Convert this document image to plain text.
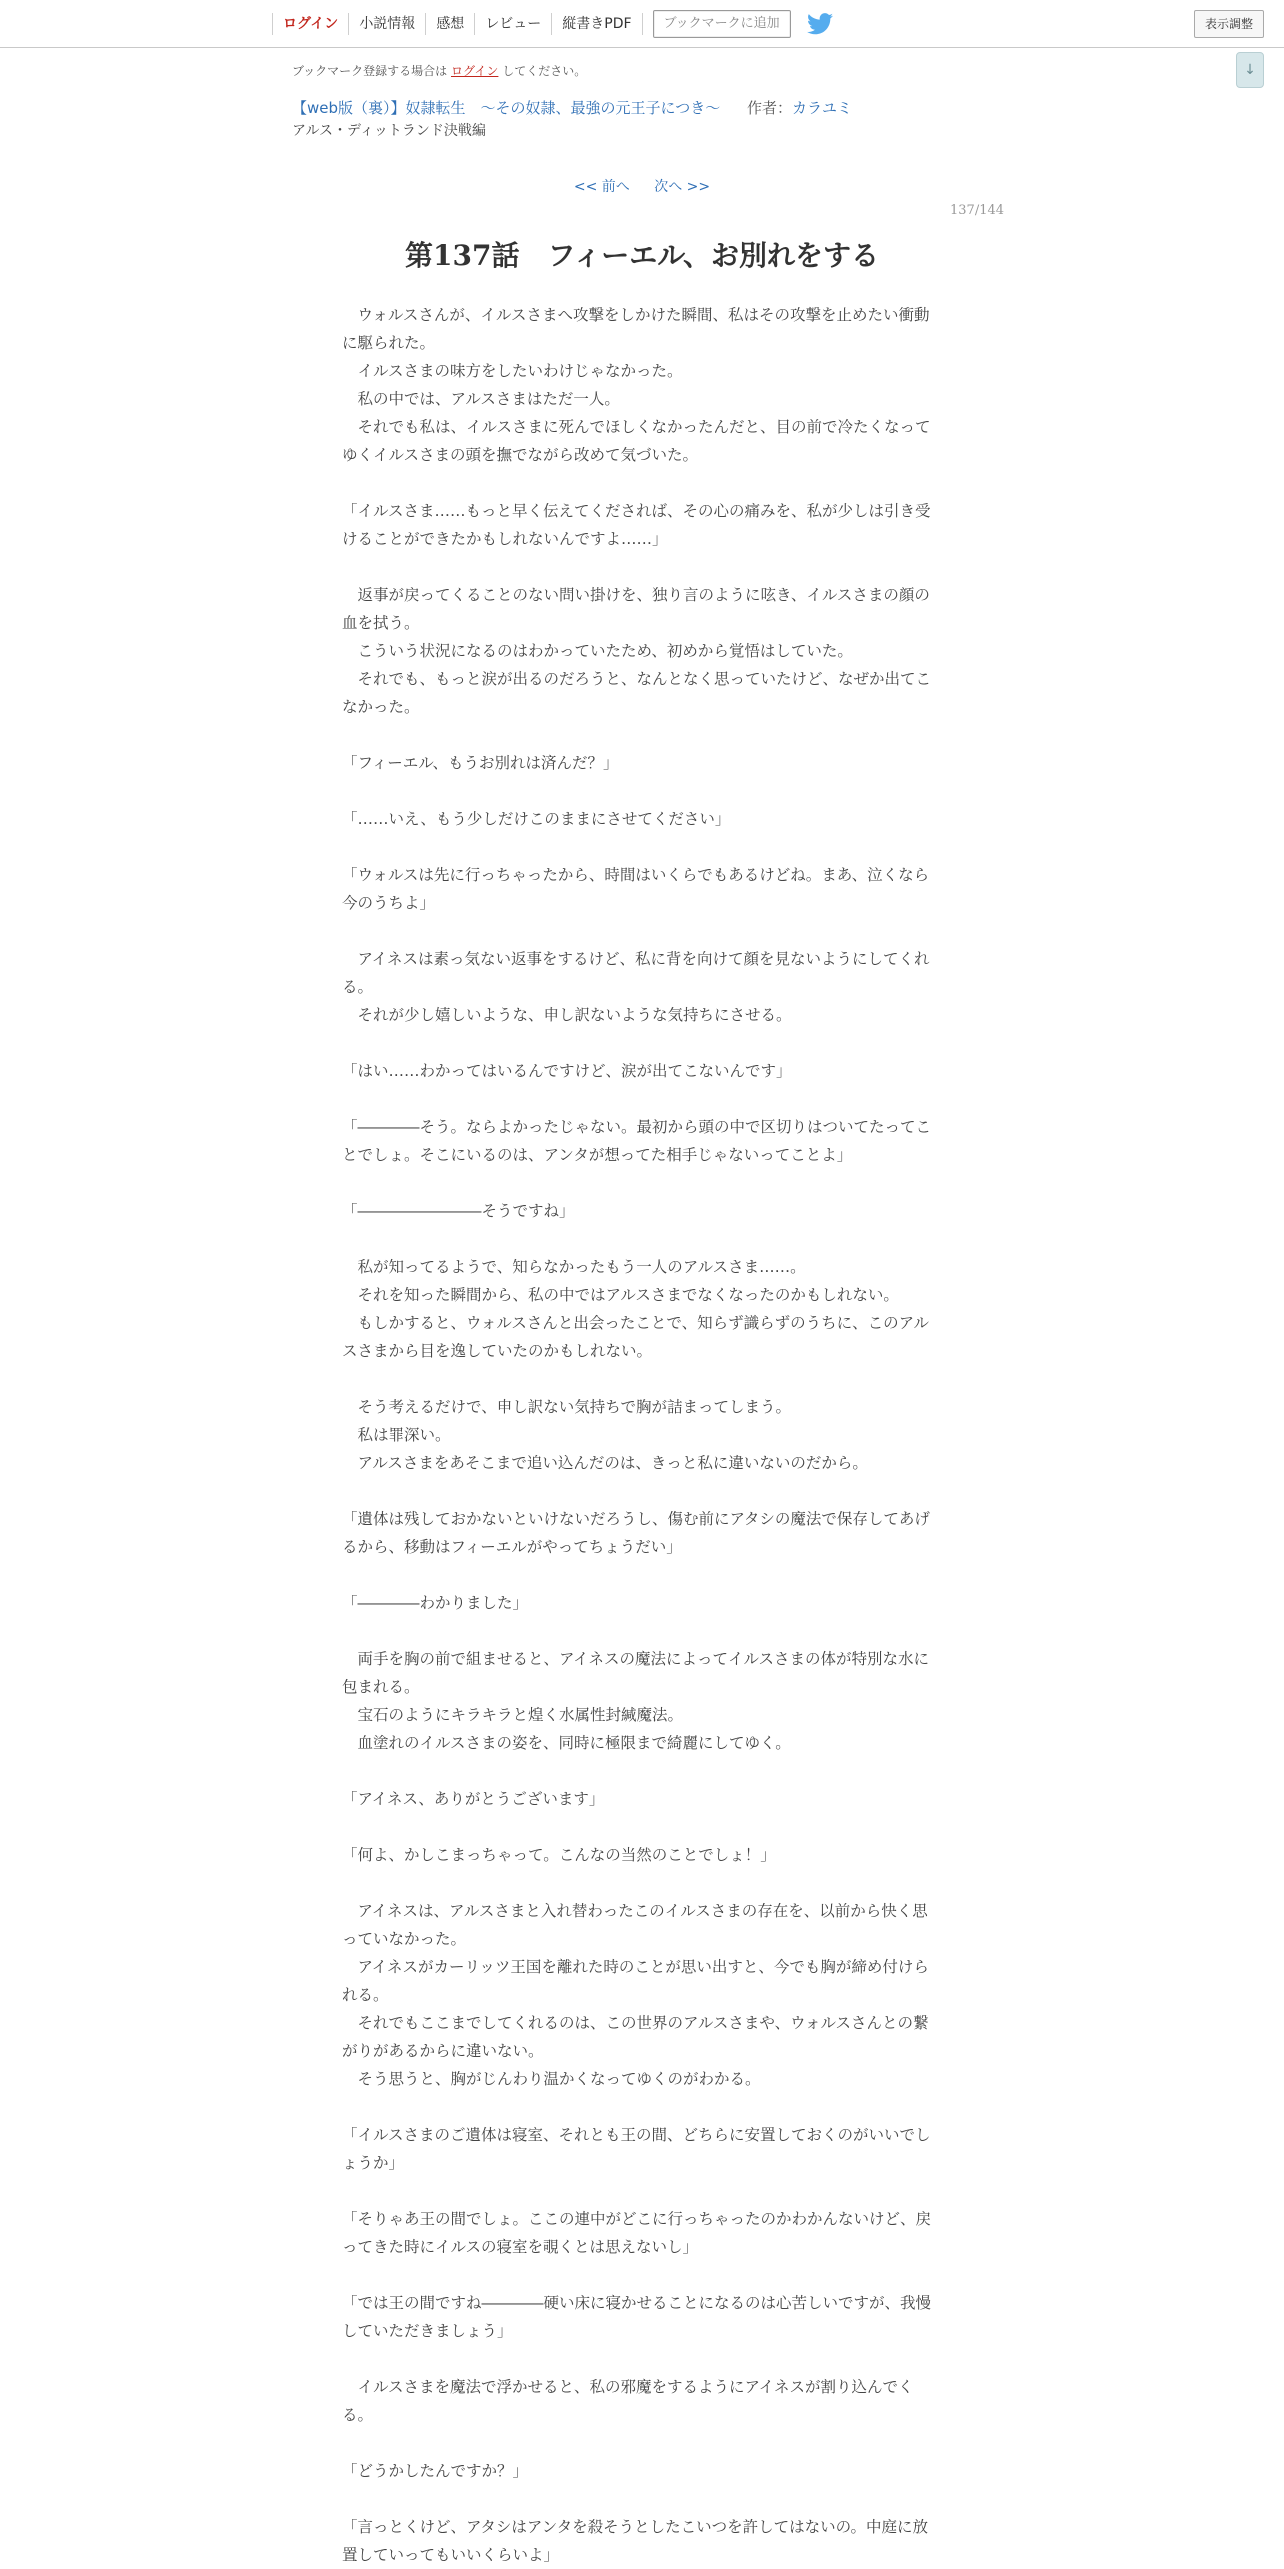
ログイン	小説情報	感想	レビュー	縦書きPDF	ブックマークに追加	表示調整
↓
ブックマーク登録する場合は ログイン してください。
【web版（裏）】奴隷転生　～その奴隷、最強の元王子につき～ 作者：カラユミ
アルス・ディットランド決戦編
<< 前へ 次へ >>
137/144
第137話　フィーエル、お別れをする

　ウォルスさんが、イルスさまへ攻撃をしかけた瞬間、私はその攻撃を止めたい衝動に駆られた。

　イルスさまの味方をしたいわけじゃなかった。

　私の中では、アルスさまはただ一人。

　それでも私は、イルスさまに死んでほしくなかったんだと、目の前で冷たくなってゆくイルスさまの頭を撫でながら改めて気づいた。

「イルスさま……もっと早く伝えてくだされば、その心の痛みを、私が少しは引き受けることができたかもしれないんですよ……」

　返事が戻ってくることのない問い掛けを、独り言のように呟き、イルスさまの顔の血を拭う。

　こういう状況になるのはわかっていたため、初めから覚悟はしていた。

　それでも、もっと涙が出るのだろうと、なんとなく思っていたけど、なぜか出てこなかった。

「フィーエル、もうお別れは済んだ？」

「……いえ、もう少しだけこのままにさせてください」

「ウォルスは先に行っちゃったから、時間はいくらでもあるけどね。まあ、泣くなら今のうちよ」

　アイネスは素っ気ない返事をするけど、私に背を向けて顔を見ないようにしてくれる。

　それが少し嬉しいような、申し訳ないような気持ちにさせる。

「はい……わかってはいるんですけど、涙が出てこないんです」

「――――そう。ならよかったじゃない。最初から頭の中で区切りはついてたってことでしょ。そこにいるのは、アンタが想ってた相手じゃないってことよ」

「――――――――そうですね」

　私が知ってるようで、知らなかったもう一人のアルスさま……。

　それを知った瞬間から、私の中ではアルスさまでなくなったのかもしれない。

　もしかすると、ウォルスさんと出会ったことで、知らず識らずのうちに、このアルスさまから目を逸していたのかもしれない。

　そう考えるだけで、申し訳ない気持ちで胸が詰まってしまう。

　私は罪深い。

　アルスさまをあそこまで追い込んだのは、きっと私に違いないのだから。

「遺体は残しておかないといけないだろうし、傷む前にアタシの魔法で保存してあげるから、移動はフィーエルがやってちょうだい」

「――――わかりました」

　両手を胸の前で組ませると、アイネスの魔法によってイルスさまの体が特別な水に包まれる。

　宝石のようにキラキラと煌く水属性封緘魔法。

　血塗れのイルスさまの姿を、同時に極限まで綺麗にしてゆく。

「アイネス、ありがとうございます」

「何よ、かしこまっちゃって。こんなの当然のことでしょ！」

　アイネスは、アルスさまと入れ替わったこのイルスさまの存在を、以前から快く思っていなかった。

　アイネスがカーリッツ王国を離れた時のことが思い出すと、今でも胸が締め付けられる。

　それでもここまでしてくれるのは、この世界のアルスさまや、ウォルスさんとの繋がりがあるからに違いない。

　そう思うと、胸がじんわり温かくなってゆくのがわかる。

「イルスさまのご遺体は寝室、それとも王の間、どちらに安置しておくのがいいでしょうか」

「そりゃあ王の間でしょ。ここの連中がどこに行っちゃったのかわかんないけど、戻ってきた時にイルスの寝室を覗くとは思えないし」

「では王の間ですね――――硬い床に寝かせることになるのは心苦しいですが、我慢していただきましょう」

　イルスさまを魔法で浮かせると、私の邪魔をするようにアイネスが割り込んでくる。

「どうかしたんですか？」

「言っとくけど、アタシはアンタを殺そうとしたこいつを許してはないの。中庭に放置していってもいいくらいよ」
